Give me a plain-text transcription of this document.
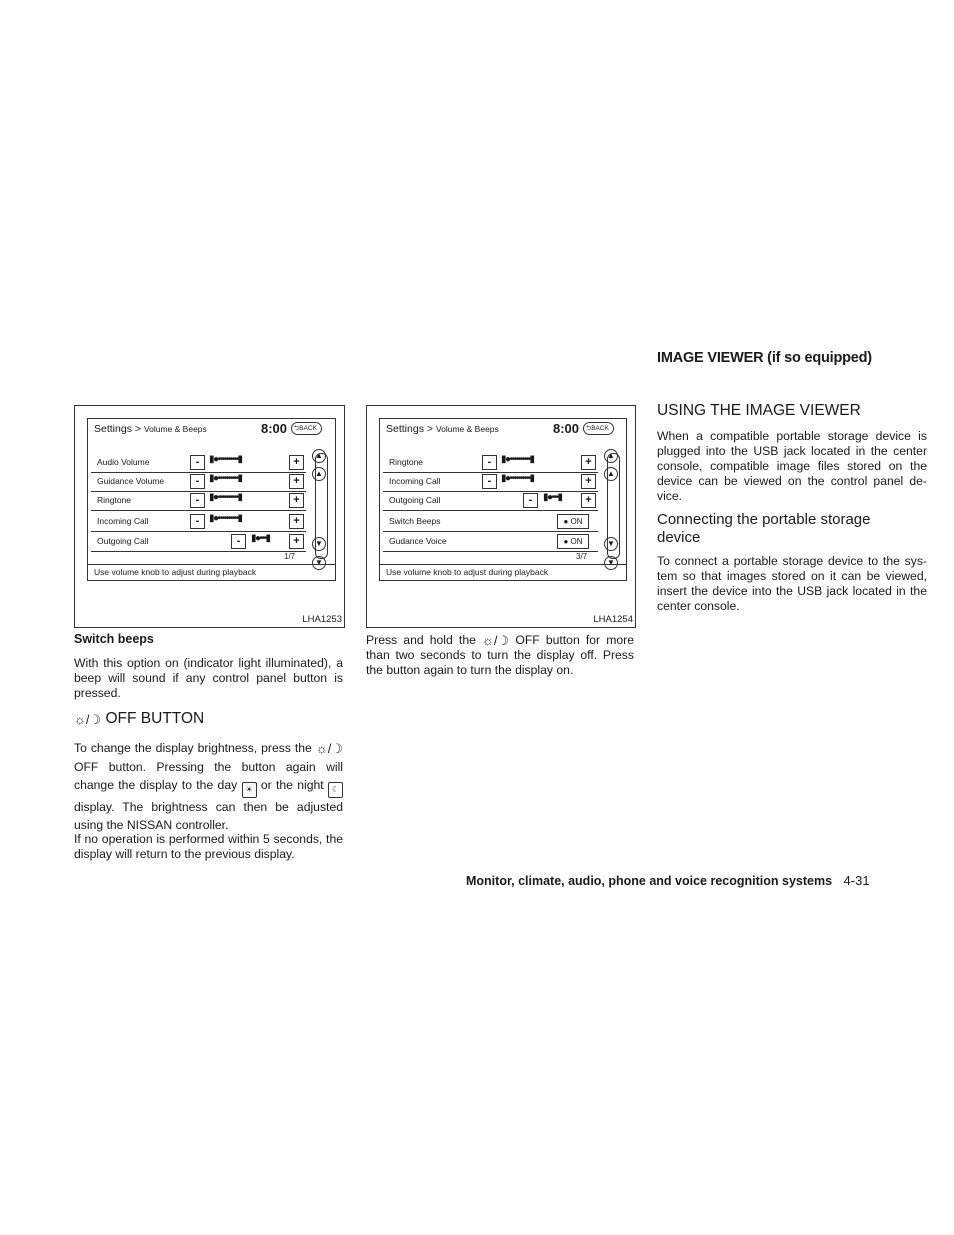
IMAGE VIEWER (if so equipped)
USING THE IMAGE VIEWER
When a compatible portable storage device is plugged into the USB jack located in the center console, compatible image files stored on the device can be viewed on the control panel de-vice.
Connecting the portable storage device
To connect a portable storage device to the sys-tem so that images stored on it can be viewed, insert the device into the USB jack located in the center console.
Settings > Volume & Beeps	8:00	⮌BACK
Audio Volume	- ▮●••••••••••▮	+
Guidance Volume	- ▮●••••••••••▮	+
Ringtone	- ▮●••••••••••▮	+
Incoming Call	- ▮●••••••••••▮	+
Outgoing Call	-	▮●•••▮	+
▲
▲
▼
▼
1/7
Use volume knob to adjust during playback
LHA1253
Settings > Volume & Beeps	8:00	⮌BACK
Ringtone	- ▮●••••••••••▮	+
Incoming Call	- ▮●••••••••••▮	+
Outgoing Call	-	▮●•••▮	+
Switch Beeps	● ON
Gudance Voice	● ON
▲
▲
▼
▼
3/7
Use volume knob to adjust during playback
LHA1254
Switch beeps
With this option on (indicator light illuminated), a beep will sound if any control panel button is pressed.
☼/☽ OFF BUTTON
To change the display brightness, press the ☼/☽ OFF button. Pressing the button again will change the display to the day ☀ or the night ☾ display. The brightness can then be adjusted using the NISSAN controller.
If no operation is performed within 5 seconds, the display will return to the previous display.
Press and hold the ☼/☽ OFF button for more than two seconds to turn the display off. Press the button again to turn the display on.
Monitor, climate, audio, phone and voice recognition systems 4-31
